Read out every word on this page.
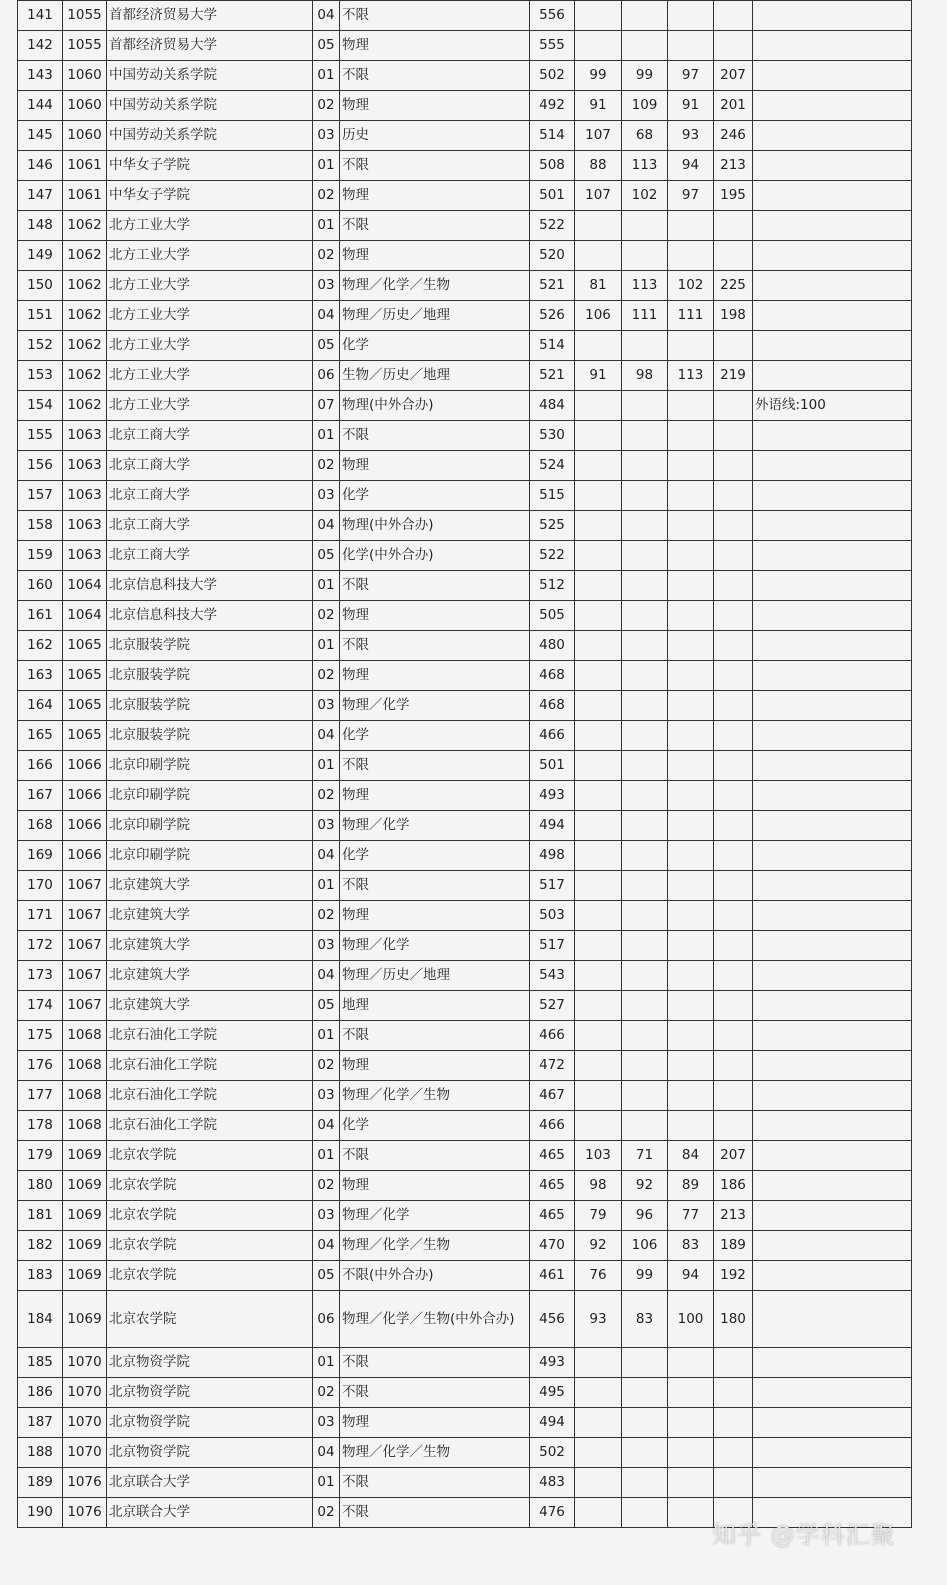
141	1055	首都经济贸易大学	04	不限	556					
142	1055	首都经济贸易大学	05	物理	555					
143	1060	中国劳动关系学院	01	不限	502	99	99	97	207	
144	1060	中国劳动关系学院	02	物理	492	91	109	91	201	
145	1060	中国劳动关系学院	03	历史	514	107	68	93	246	
146	1061	中华女子学院	01	不限	508	88	113	94	213	
147	1061	中华女子学院	02	物理	501	107	102	97	195	
148	1062	北方工业大学	01	不限	522					
149	1062	北方工业大学	02	物理	520					
150	1062	北方工业大学	03	物理／化学／生物	521	81	113	102	225	
151	1062	北方工业大学	04	物理／历史／地理	526	106	111	111	198	
152	1062	北方工业大学	05	化学	514					
153	1062	北方工业大学	06	生物／历史／地理	521	91	98	113	219	
154	1062	北方工业大学	07	物理(中外合办)	484					外语线:100
155	1063	北京工商大学	01	不限	530					
156	1063	北京工商大学	02	物理	524					
157	1063	北京工商大学	03	化学	515					
158	1063	北京工商大学	04	物理(中外合办)	525					
159	1063	北京工商大学	05	化学(中外合办)	522					
160	1064	北京信息科技大学	01	不限	512					
161	1064	北京信息科技大学	02	物理	505					
162	1065	北京服装学院	01	不限	480					
163	1065	北京服装学院	02	物理	468					
164	1065	北京服装学院	03	物理／化学	468					
165	1065	北京服装学院	04	化学	466					
166	1066	北京印刷学院	01	不限	501					
167	1066	北京印刷学院	02	物理	493					
168	1066	北京印刷学院	03	物理／化学	494					
169	1066	北京印刷学院	04	化学	498					
170	1067	北京建筑大学	01	不限	517					
171	1067	北京建筑大学	02	物理	503					
172	1067	北京建筑大学	03	物理／化学	517					
173	1067	北京建筑大学	04	物理／历史／地理	543					
174	1067	北京建筑大学	05	地理	527					
175	1068	北京石油化工学院	01	不限	466					
176	1068	北京石油化工学院	02	物理	472					
177	1068	北京石油化工学院	03	物理／化学／生物	467					
178	1068	北京石油化工学院	04	化学	466					
179	1069	北京农学院	01	不限	465	103	71	84	207	
180	1069	北京农学院	02	物理	465	98	92	89	186	
181	1069	北京农学院	03	物理／化学	465	79	96	77	213	
182	1069	北京农学院	04	物理／化学／生物	470	92	106	83	189	
183	1069	北京农学院	05	不限(中外合办)	461	76	99	94	192	
184	1069	北京农学院	06	物理／化学／生物(中外合办)	456	93	83	100	180	
185	1070	北京物资学院	01	不限	493					
186	1070	北京物资学院	02	不限	495					
187	1070	北京物资学院	03	物理	494					
188	1070	北京物资学院	04	物理／化学／生物	502					
189	1076	北京联合大学	01	不限	483					
190	1076	北京联合大学	02	不限	476					
知乎 @学科汇聚
